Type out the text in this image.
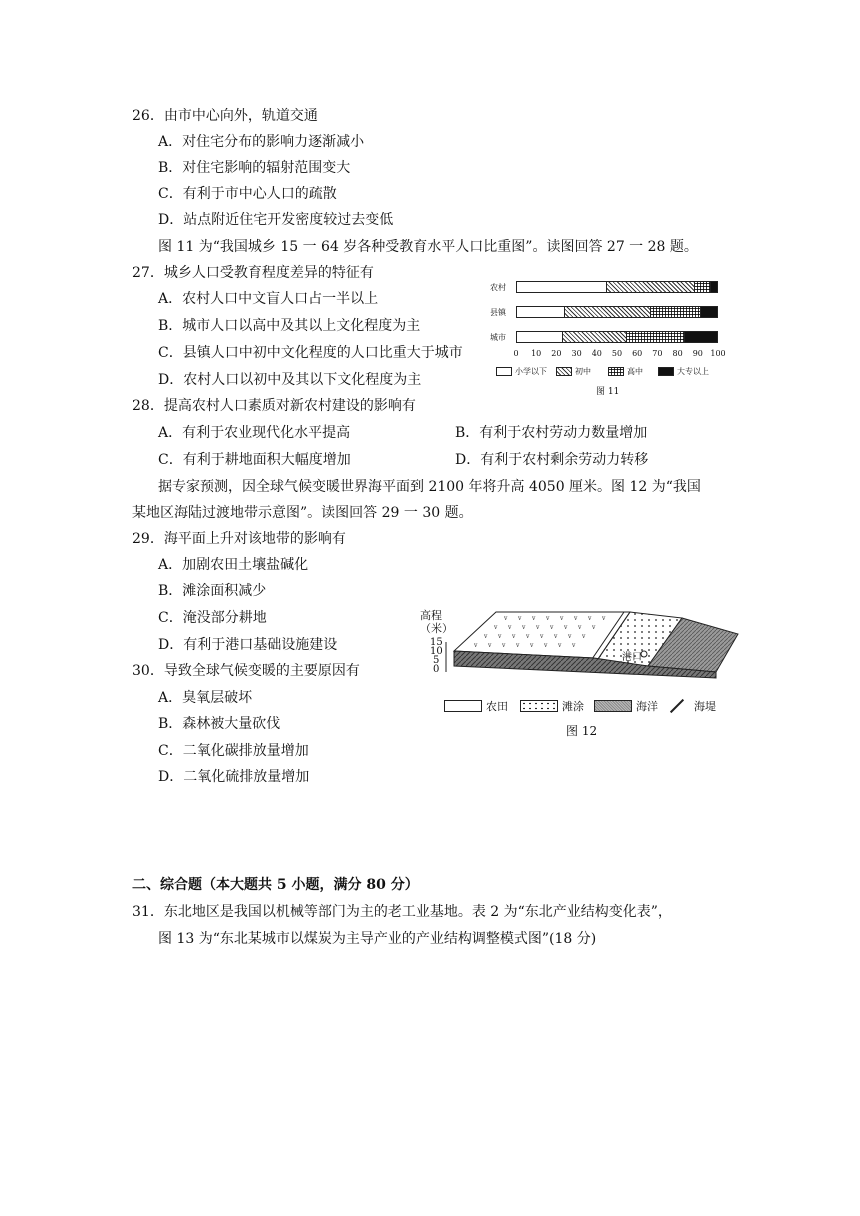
26．由市中心向外，轨道交通
A．对住宅分布的影响力逐渐减小
B．对住宅影响的辐射范围变大
C．有利于市中心人口的疏散
D．站点附近住宅开发密度较过去变低
图 11 为“我国城乡 15 一 64 岁各种受教育水平人口比重图”。读图回答 27 一 28 题。
27．城乡人口受教育程度差异的特征有
A．农村人口中文盲人口占一半以上
B．城市人口以高中及其以上文化程度为主
C．县镇人口中初中文化程度的人口比重大于城市
D．农村人口以初中及其以下文化程度为主
农村
县镇
城市
0	10	20	30	40	50	60	70	80	90 100
小学以下	初中	高中	大专以上
图 11
28．提高农村人口素质对新农村建设的影响有
A．有利于农业现代化水平提高	B．有利于农村劳动力数量增加
C．有利于耕地面积大幅度增加	D．有利于农村剩余劳动力转移
据专家预测，因全球气候变暖世界海平面到 2100 年将升高 4050 厘米。图 12 为“我国
某地区海陆过渡地带示意图”。读图回答 29 一 30 题。
29．海平面上升对该地带的影响有
A．加剧农田土壤盐碱化
B．滩涂面积减少
C．淹没部分耕地
D．有利于港口基础设施建设
30．导致全球气候变暖的主要原因有
A．臭氧层破坏
B．森林被大量砍伐
C．二氧化碳排放量增加
D．二氧化硫排放量增加
高程
（米）
15
10
5
0
v v v v v v v v
v v v v v v v v
v v v v v v v v
v v v v v v v v
港口
农田	滩涂	海洋	海堤
图 12
二、综合题（本大题共 5 小题，满分 80 分）
31．东北地区是我国以机械等部门为主的老工业基地。表 2 为“东北产业结构变化表”，
图 13 为“东北某城市以煤炭为主导产业的产业结构调整模式图”(18 分)
